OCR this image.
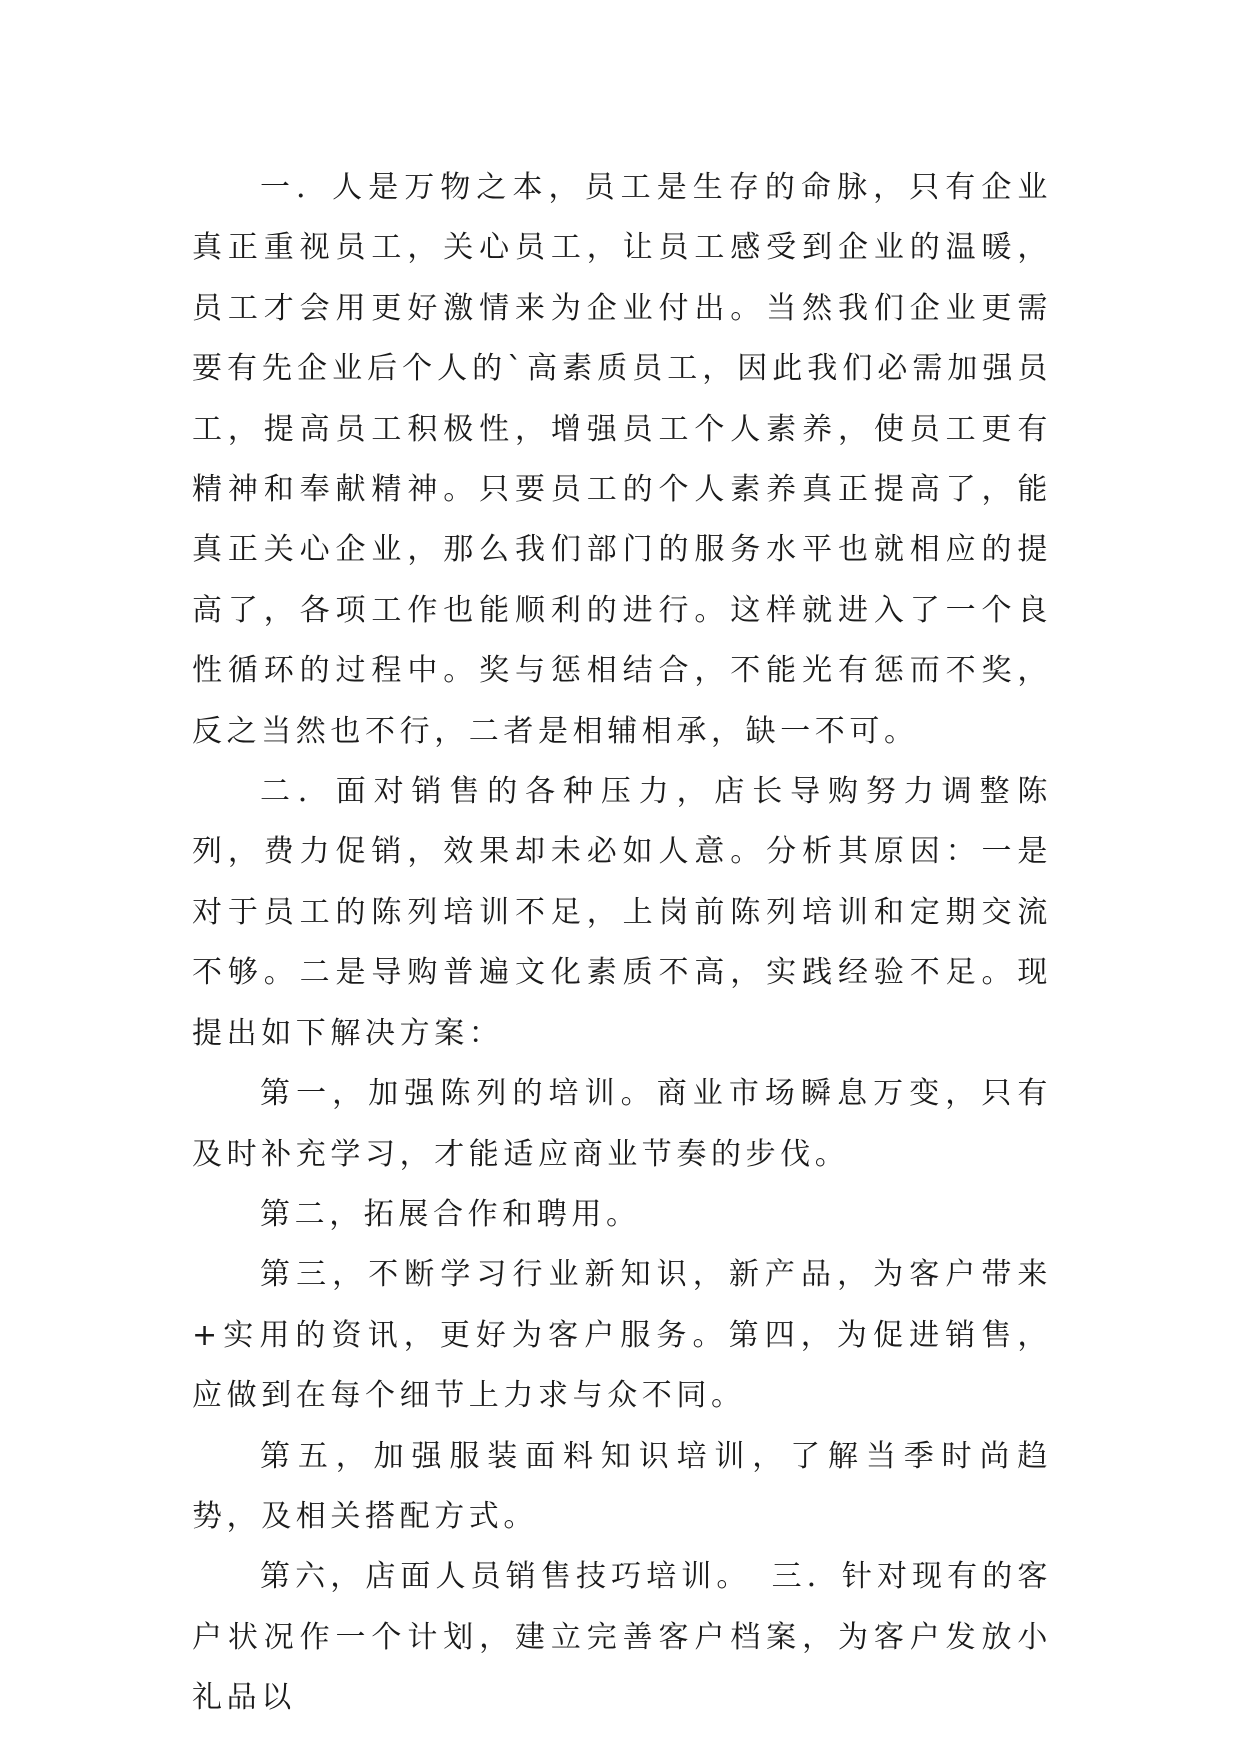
一．人是万物之本，员工是生存的命脉，只有企业真正重视员工，关心员工，让员工感受到企业的温暖，员工才会用更好激情来为企业付出。当然我们企业更需要有先企业后个人的`高素质员工，因此我们必需加强员工，提高员工积极性，增强员工个人素养，使员工更有精神和奉献精神。只要员工的个人素养真正提高了，能真正关心企业，那么我们部门的服务水平也就相应的提高了，各项工作也能顺利的进行。这样就进入了一个良性循环的过程中。奖与惩相结合，不能光有惩而不奖，反之当然也不行，二者是相辅相承，缺一不可。

二．面对销售的各种压力，店长导购努力调整陈列，费力促销，效果却未必如人意。分析其原因：一是对于员工的陈列培训不足，上岗前陈列培训和定期交流不够。二是导购普遍文化素质不高，实践经验不足。现提出如下解决方案：

第一，加强陈列的培训。商业市场瞬息万变，只有及时补充学习，才能适应商业节奏的步伐。

第二，拓展合作和聘用。

第三，不断学习行业新知识，新产品，为客户带来+实用的资讯，更好为客户服务。第四，为促进销售，应做到在每个细节上力求与众不同。

第五，加强服装面料知识培训，了解当季时尚趋势，及相关搭配方式。

第六，店面人员销售技巧培训。　三．针对现有的客户状况作一个计划，建立完善客户档案，为客户发放小礼品以
